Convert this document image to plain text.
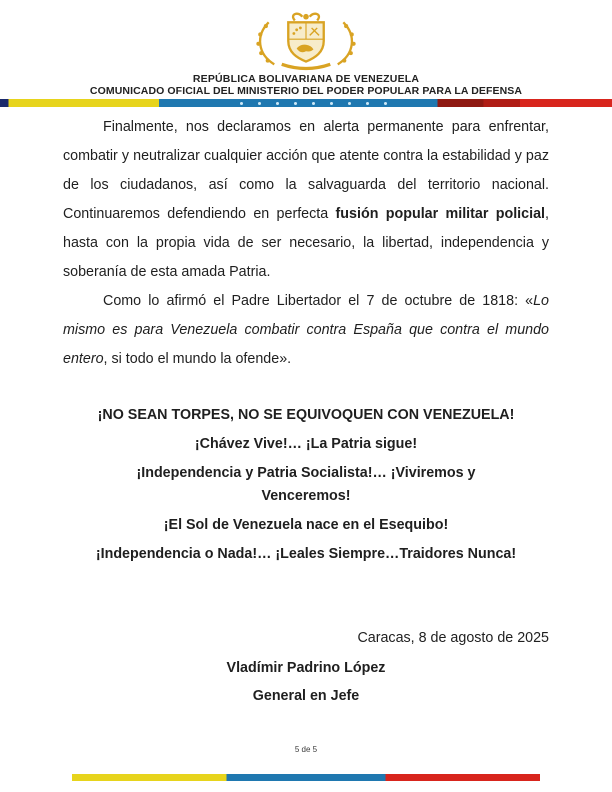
REPÚBLICA BOLIVARIANA DE VENEZUELA
COMUNICADO OFICIAL DEL MINISTERIO DEL PODER POPULAR PARA LA DEFENSA

Finalmente, nos declaramos en alerta permanente para enfrentar, combatir y neutralizar cualquier acción que atente contra la estabilidad y paz de los ciudadanos, así como la salvaguarda del territorio nacional. Continuaremos defendiendo en perfecta fusión popular militar policial, hasta con la propia vida de ser necesario, la libertad, independencia y soberanía de esta amada Patria.

Como lo afirmó el Padre Libertador el 7 de octubre de 1818: «Lo mismo es para Venezuela combatir contra España que contra el mundo entero, si todo el mundo la ofende».

¡NO SEAN TORPES, NO SE EQUIVOQUEN CON VENEZUELA!
¡Chávez Vive!… ¡La Patria sigue!
¡Independencia y Patria Socialista!… ¡Viviremos y
Venceremos!
¡El Sol de Venezuela nace en el Esequibo!
¡Independencia o Nada!… ¡Leales Siempre…Traidores Nunca!
Caracas, 8 de agosto de 2025
Vladímir Padrino López
General en Jefe
5 de 5
